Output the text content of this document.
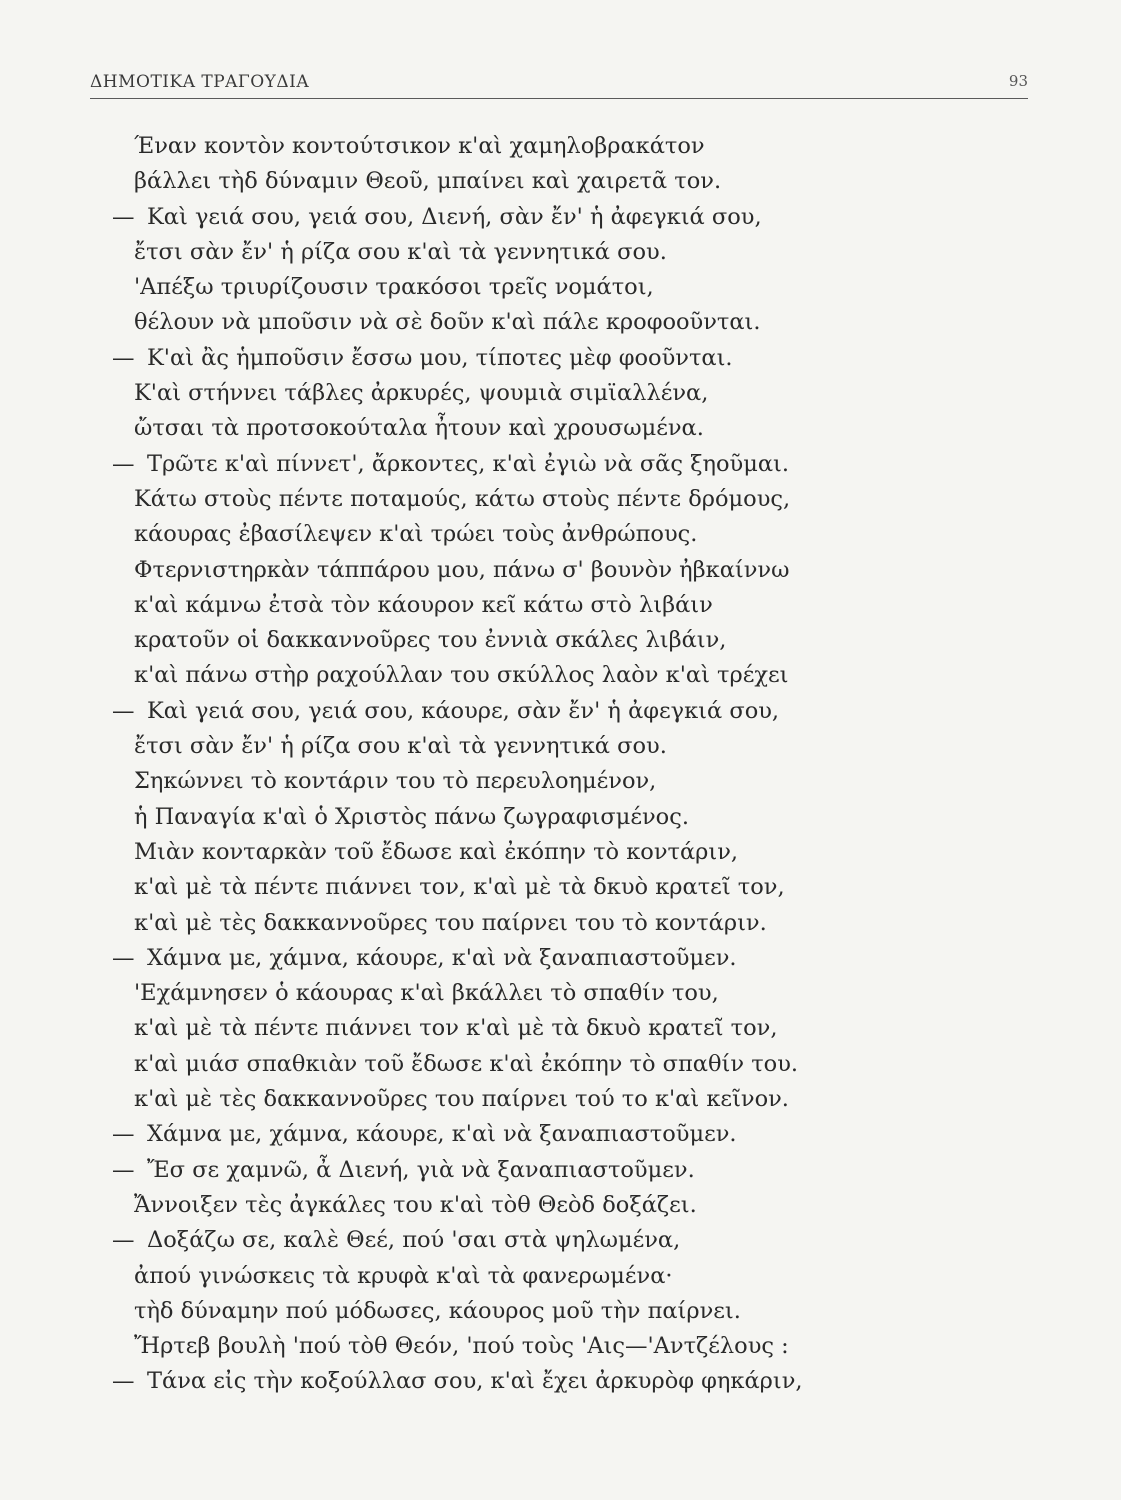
ΔΗΜΟΤΙΚΑ ΤΡΑΓΟΥΔΙΑ	93
Έναν κοντὸν κοντούτσικον κ'αὶ χαμηλοβρακάτον
βάλλει τὴδ δύναμιν Θεοῦ, μπαίνει καὶ χαιρετᾶ τον.
— Καὶ γειά σου, γειά σου, Διενή, σὰν ἔν' ἡ ἀφεγκιά σου,
ἔτσι σὰν ἔν' ἡ ρίζα σου κ'αὶ τὰ γεννητικά σου.
'Απέξω τριυρίζουσιν τρακόσοι τρεῖς νομάτοι,
θέλουν νὰ μποῦσιν νὰ σὲ δοῦν κ'αὶ πάλε κροφοοῦνται.
— Κ'αὶ ἂς ἡμποῦσιν ἔσσω μου, τίποτες μὲφ φοοῦνται.
Κ'αὶ στήννει τάβλες ἀρκυρές, ψουμιὰ σιμϊαλλένα,
ὤτσαι τὰ προτσοκούταλα ἦτουν καὶ χρουσωμένα.
— Τρῶτε κ'αὶ πίννετ', ἄρκοντες, κ'αὶ ἐγιὼ νὰ σᾶς ξηοῦμαι.
Κάτω στοὺς πέντε ποταμούς, κάτω στοὺς πέντε δρόμους,
κάουρας ἐβασίλεψεν κ'αὶ τρώει τοὺς ἀνθρώπους.
Φτερνιστηρκὰν τάππάρου μου, πάνω σ' βουνὸν ἠβκαίννω
κ'αὶ κάμνω ἐτσὰ τὸν κάουρον κεῖ κάτω στὸ λιβάιν
κρατοῦν οἱ δακκαννοῦρες του ἐννιὰ σκάλες λιβάιν,
κ'αὶ πάνω στὴρ ραχούλλαν του σκύλλος λαὸν κ'αὶ τρέχει
— Καὶ γειά σου, γειά σου, κάουρε, σὰν ἔν' ἡ ἀφεγκιά σου,
ἔτσι σὰν ἔν' ἡ ρίζα σου κ'αὶ τὰ γεννητικά σου.
Σηκώννει τὸ κοντάριν του τὸ περευλοημένον,
ἡ Παναγία κ'αὶ ὁ Χριστὸς πάνω ζωγραφισμένος.
Μιὰν κονταρκὰν τοῦ ἔδωσε καὶ ἐκόπην τὸ κοντάριν,
κ'αὶ μὲ τὰ πέντε πιάννει τον, κ'αὶ μὲ τὰ δκυὸ κρατεῖ τον,
κ'αὶ μὲ τὲς δακκαννοῦρες του παίρνει του τὸ κοντάριν.
— Χάμνα με, χάμνα, κάουρε, κ'αὶ νὰ ξαναπιαστοῦμεν.
'Εχάμνησεν ὁ κάουρας κ'αὶ βκάλλει τὸ σπαθίν του,
κ'αὶ μὲ τὰ πέντε πιάννει τον κ'αὶ μὲ τὰ δκυὸ κρατεῖ τον,
κ'αὶ μιάσ σπαθκιὰν τοῦ ἔδωσε κ'αὶ ἐκόπην τὸ σπαθίν του.
κ'αὶ μὲ τὲς δακκαννοῦρες του παίρνει τού το κ'αὶ κεῖνον.
— Χάμνα με, χάμνα, κάουρε, κ'αὶ νὰ ξαναπιαστοῦμεν.
— Ἔσ σε χαμνῶ, ἆ Διενή, γιὰ νὰ ξαναπιαστοῦμεν.
Ἄννοιξεν τὲς ἀγκάλες του κ'αὶ τὸθ Θεὸδ δοξάζει.
— Δοξάζω σε, καλὲ Θεέ, πού 'σαι στὰ ψηλωμένα,
ἀπού γινώσκεις τὰ κρυφὰ κ'αὶ τὰ φανερωμένα·
τὴδ δύναμην πού μόδωσες, κάουρος μοῦ τὴν παίρνει.
Ἤρτεβ βουλὴ 'πού τὸθ Θεόν, 'πού τοὺς 'Αις—'Αντζέλους :
— Τάνα εἰς τὴν κοξούλλασ σου, κ'αὶ ἔχει ἀρκυρὸφ φηκάριν,
